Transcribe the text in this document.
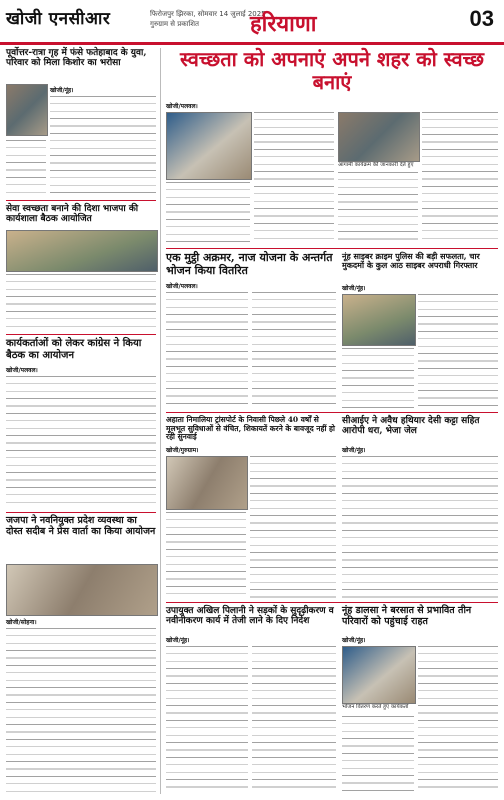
खोजी एनसीआर	फिरोजपुर झिरका, सोमवार 14 जुलाई 2025
गुरुग्राम से प्रकाशित	हरियाणा	03
पूर्वोत्तर-रात्रा गृह में फंसे फतेहाबाद के युवा, परिवार को मिला किशोर का भरोसा
खोजी/नूंह।
सेवा स्वच्छता बनाने की दिशा भाजपा की कार्यशाला बैठक आयोजित
कार्यकर्ताओं को लेकर कांग्रेस ने किया बैठक का आयोजन
खोजी/पलवल।
जजपा ने नवनियुक्त प्रदेश व्यवस्था का दोस्त सदीब ने प्रेस वार्ता का किया आयोजन
खोजी/सोहना।
स्वच्छता को अपनाएं अपने शहर को स्वच्छ बनाएं
खोजी/पलवल।
आगामी कार्यक्रम की जानकारी देते हुए
एक मुट्ठी अक्रमर, नाज योजना के अन्तर्गत भोजन किया वितरित
खोजी/पलवल।
नूंह साइबर क्राइम पुलिस की बड़ी सफलता, चार मुकदमों के कुल आठ साइबर अपराधी गिरफ्तार
खोजी/नूंह।
अहाता निमालिया ट्रांसपोर्ट के निवासी पिछले 40 वर्षों से मूलभूत सुविधाओं से वंचित, शिकायतें करने के बावजूद नहीं हो रही सुनवाई
खोजी/गुरुग्राम।
सीआईए ने अवैध हथियार देसी कट्टा सहित आरोपी धरा, भेजा जेल
खोजी/नूंह।
उपायुक्त अखिल पिलानी ने सड़कों के सुदृढ़ीकरण व नवीनीकरण कार्य में तेजी लाने के दिए निर्देश
खोजी/नूंह।
नूंह डालसा ने बरसात से प्रभावित तीन परिवारों को पहुंचाई राहत
खोजी/नूंह।
भोजन वितरण करते हुए कार्यकर्ता
